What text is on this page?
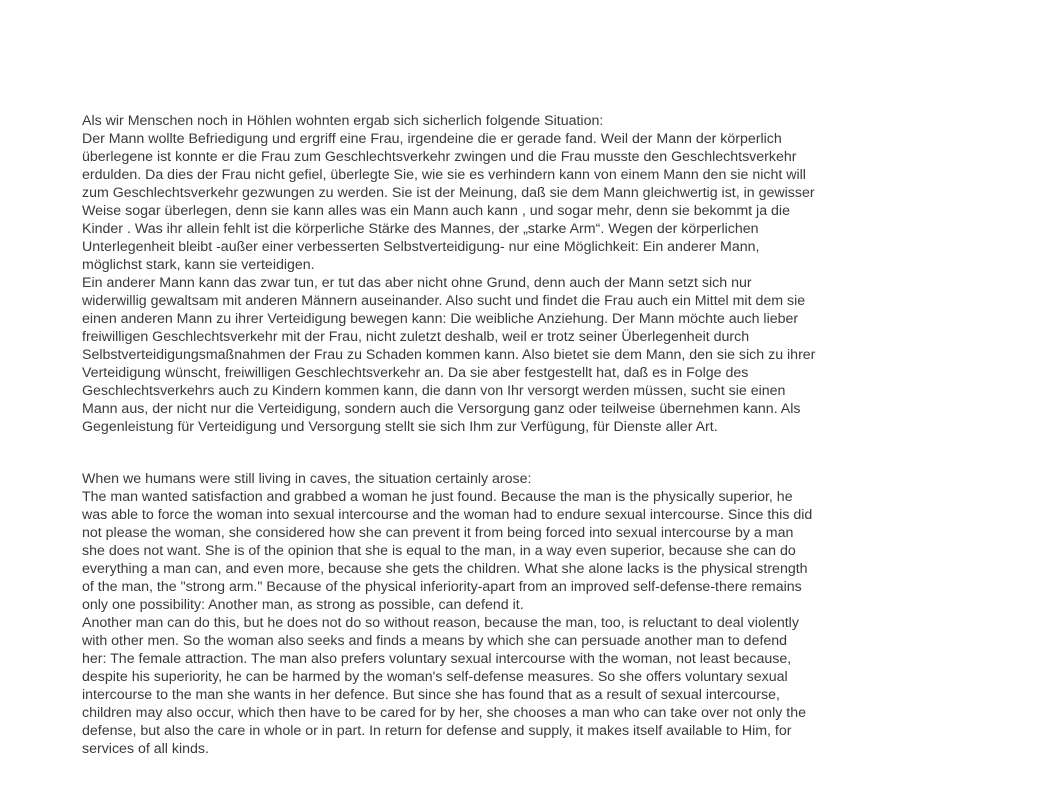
Als wir Menschen noch in Höhlen wohnten ergab sich sicherlich folgende Situation:
Der Mann wollte Befriedigung und ergriff eine Frau, irgendeine die er gerade fand. Weil der Mann der körperlich
überlegene ist konnte er die Frau zum Geschlechtsverkehr zwingen und die Frau musste den Geschlechtsverkehr
erdulden. Da dies der Frau nicht gefiel, überlegte Sie, wie sie es verhindern kann von einem Mann den sie nicht will
zum Geschlechtsverkehr gezwungen zu werden. Sie ist der Meinung, daß sie dem Mann gleichwertig ist, in gewisser
Weise sogar überlegen, denn sie kann alles was ein Mann auch kann , und sogar mehr, denn sie bekommt ja die
Kinder . Was ihr allein fehlt ist die körperliche Stärke des Mannes, der „starke Arm“. Wegen der körperlichen
Unterlegenheit bleibt -außer einer verbesserten Selbstverteidigung- nur eine Möglichkeit: Ein anderer Mann,
möglichst stark, kann sie verteidigen.
Ein anderer Mann kann das zwar tun, er tut das aber nicht ohne Grund, denn auch der Mann setzt sich nur
widerwillig gewaltsam mit anderen Männern auseinander. Also sucht und findet die Frau auch ein Mittel mit dem sie
einen anderen Mann zu ihrer Verteidigung bewegen kann: Die weibliche Anziehung. Der Mann möchte auch lieber
freiwilligen Geschlechtsverkehr mit der Frau, nicht zuletzt deshalb, weil er trotz seiner Überlegenheit durch
Selbstverteidigungsmaßnahmen der Frau zu Schaden kommen kann. Also bietet sie dem Mann, den sie sich zu ihrer
Verteidigung wünscht, freiwilligen Geschlechtsverkehr an. Da sie aber festgestellt hat, daß es in Folge des
Geschlechtsverkehrs auch zu Kindern kommen kann, die dann von Ihr versorgt werden müssen, sucht sie einen
Mann aus, der nicht nur die Verteidigung, sondern auch die Versorgung ganz oder teilweise übernehmen kann. Als
Gegenleistung für Verteidigung und Versorgung stellt sie sich Ihm zur Verfügung, für Dienste aller Art.
When we humans were still living in caves, the situation certainly arose:
The man wanted satisfaction and grabbed a woman he just found. Because the man is the physically superior, he
was able to force the woman into sexual intercourse and the woman had to endure sexual intercourse. Since this did
not please the woman, she considered how she can prevent it from being forced into sexual intercourse by a man
she does not want. She is of the opinion that she is equal to the man, in a way even superior, because she can do
everything a man can, and even more, because she gets the children. What she alone lacks is the physical strength
of the man, the "strong arm." Because of the physical inferiority-apart from an improved self-defense-there remains
only one possibility: Another man, as strong as possible, can defend it.
Another man can do this, but he does not do so without reason, because the man, too, is reluctant to deal violently
with other men. So the woman also seeks and finds a means by which she can persuade another man to defend
her: The female attraction. The man also prefers voluntary sexual intercourse with the woman, not least because,
despite his superiority, he can be harmed by the woman's self-defense measures. So she offers voluntary sexual
intercourse to the man she wants in her defence. But since she has found that as a result of sexual intercourse,
children may also occur, which then have to be cared for by her, she chooses a man who can take over not only the
defense, but also the care in whole or in part. In return for defense and supply, it makes itself available to Him, for
services of all kinds.
